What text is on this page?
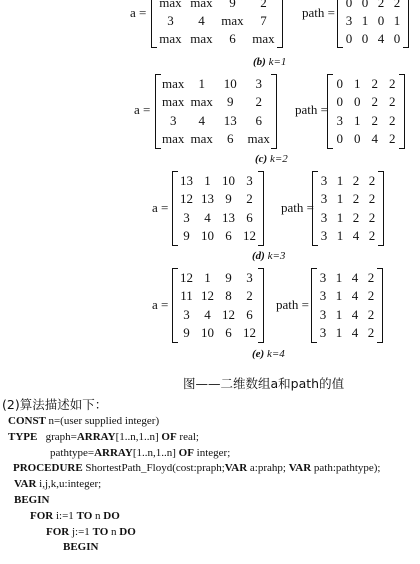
a =
max max	9	2
3	4	max	7
max max	6	max
path =
0 0 2 2
3 1 0 1
0 0 4 0
(b) k=1
a =
max	1	10	3
max max	9	2
3	4	13	6
max max	6	max
path =
0 1 2 2
0 0 2 2
3 1 2 2
0 0 4 2
(c) k=2
a =
13 1 10 3
12 13 9	2
3	4 13 6
9 10 6 12
path =
3 1 2 2
3 1 2 2
3 1 2 2
3 1 4 2
(d) k=3
a =
12 1	9	3
11 12 8	2
3	4 12 6
9 10 6 12
path =
3 1 4 2
3 1 4 2
3 1 4 2
3 1 4 2
(e) k=4
图——二维数组a和path的值
(2)算法描述如下：
CONST n=(user supplied integer)
TYPE   graph=ARRAY[1..n,1..n] OF real;
pathtype=ARRAY[1..n,1..n] OF integer;
PROCEDURE ShortestPath_Floyd(cost:praph;VAR a:prahp; VAR path:pathtype);
VAR i,j,k,u:integer;
BEGIN
FOR i:=1 TO n DO
FOR j:=1 TO n DO
BEGIN
